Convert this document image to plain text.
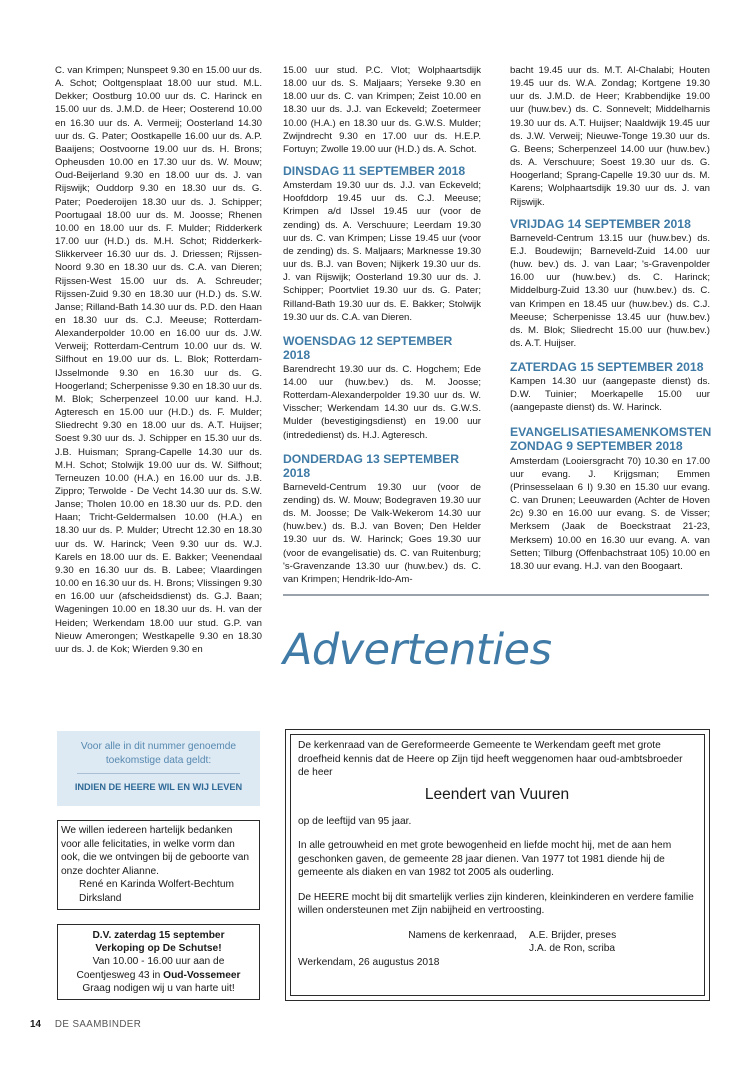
C. van Krimpen; Nunspeet 9.30 en 15.00 uur ds. A. Schot; Ooltgensplaat 18.00 uur stud. M.L. Dekker; Oostburg 10.00 uur ds. C. Harinck en 15.00 uur ds. J.M.D. de Heer; Oosterend 10.00 en 16.30 uur ds. A. Vermeij; Oosterland 14.30 uur ds. G. Pater; Oostkapelle 16.00 uur ds. A.P. Baaijens; Oostvoorne 19.00 uur ds. H. Brons; Opheusden 10.00 en 17.30 uur ds. W. Mouw; Oud-Beijerland 9.30 en 18.00 uur ds. J. van Rijswijk; Ouddorp 9.30 en 18.30 uur ds. G. Pater; Poederoijen 18.30 uur ds. J. Schipper; Poortugaal 18.00 uur ds. M. Joosse; Rhenen 10.00 en 18.00 uur ds. F. Mulder; Ridderkerk 17.00 uur (H.D.) ds. M.H. Schot; Ridderkerk-Slikkerveer 16.30 uur ds. J. Driessen; Rijssen-Noord 9.30 en 18.30 uur ds. C.A. van Dieren; Rijssen-West 15.00 uur ds. A. Schreuder; Rijssen-Zuid 9.30 en 18.30 uur (H.D.) ds. S.W. Janse; Rilland-Bath 14.30 uur ds. P.D. den Haan en 18.30 uur ds. C.J. Meeuse; Rotterdam-Alexanderpolder 10.00 en 16.00 uur ds. J.W. Verweij; Rotterdam-Centrum 10.00 uur ds. W. Silfhout en 19.00 uur ds. L. Blok; Rotterdam-IJsselmonde 9.30 en 16.30 uur ds. G. Hoogerland; Scherpenisse 9.30 en 18.30 uur ds. M. Blok; Scherpenzeel 10.00 uur kand. H.J. Agteresch en 15.00 uur (H.D.) ds. F. Mulder; Sliedrecht 9.30 en 18.00 uur ds. A.T. Huijser; Soest 9.30 uur ds. J. Schipper en 15.30 uur ds. J.B. Huisman; Sprang-Capelle 14.30 uur ds. M.H. Schot; Stolwijk 19.00 uur ds. W. Silfhout; Terneuzen 10.00 (H.A.) en 16.00 uur ds. J.B. Zippro; Terwolde - De Vecht 14.30 uur ds. S.W. Janse; Tholen 10.00 en 18.30 uur ds. P.D. den Haan; Tricht-Geldermalsen 10.00 (H.A.) en 18.30 uur ds. P. Mulder; Utrecht 12.30 en 18.30 uur ds. W. Harinck; Veen 9.30 uur ds. W.J. Karels en 18.00 uur ds. E. Bakker; Veenendaal 9.30 en 16.30 uur ds. B. Labee; Vlaardingen 10.00 en 16.30 uur ds. H. Brons; Vlissingen 9.30 en 16.00 uur (afscheidsdienst) ds. G.J. Baan; Wageningen 10.00 en 18.30 uur ds. H. van der Heiden; Werkendam 18.00 uur stud. G.P. van Nieuw Amerongen; Westkapelle 9.30 en 18.30 uur ds. J. de Kok; Wierden 9.30 en

15.00 uur stud. P.C. Vlot; Wolphaartsdijk 18.00 uur ds. S. Maljaars; Yerseke 9.30 en 18.00 uur ds. C. van Krimpen; Zeist 10.00 en 18.30 uur ds. J.J. van Eckeveld; Zoetermeer 10.00 (H.A.) en 18.30 uur ds. G.W.S. Mulder; Zwijndrecht 9.30 en 17.00 uur ds. H.E.P. Fortuyn; Zwolle 19.00 uur (H.D.) ds. A. Schot.

DINSDAG 11 SEPTEMBER 2018

Amsterdam 19.30 uur ds. J.J. van Eckeveld; Hoofddorp 19.45 uur ds. C.J. Meeuse; Krimpen a/d IJssel 19.45 uur (voor de zending) ds. A. Verschuure; Leerdam 19.30 uur ds. C. van Krimpen; Lisse 19.45 uur (voor de zending) ds. S. Maljaars; Marknesse 19.30 uur ds. B.J. van Boven; Nijkerk 19.30 uur ds. J. van Rijswijk; Oosterland 19.30 uur ds. J. Schipper; Poortvliet 19.30 uur ds. G. Pater; Rilland-Bath 19.30 uur ds. E. Bakker; Stolwijk 19.30 uur ds. C.A. van Dieren.

WOENSDAG 12 SEPTEMBER 2018

Barendrecht 19.30 uur ds. C. Hogchem; Ede 14.00 uur (huw.bev.) ds. M. Joosse; Rotterdam-Alexanderpolder 19.30 uur ds. W. Visscher; Werkendam 14.30 uur ds. G.W.S. Mulder (bevestigingsdienst) en 19.00 uur (intrededienst) ds. H.J. Agteresch.

DONDERDAG 13 SEPTEMBER 2018

Barneveld-Centrum 19.30 uur (voor de zending) ds. W. Mouw; Bodegraven 19.30 uur ds. M. Joosse; De Valk-Wekerom 14.30 uur (huw.bev.) ds. B.J. van Boven; Den Helder 19.30 uur ds. W. Harinck; Goes 19.30 uur (voor de evangelisatie) ds. C. van Ruitenburg; 's-Gravenzande 13.30 uur (huw.bev.) ds. C. van Krimpen; Hendrik-Ido-Am-

bacht 19.45 uur ds. M.T. Al-Chalabi; Houten 19.45 uur ds. W.A. Zondag; Kortgene 19.30 uur ds. J.M.D. de Heer; Krabbendijke 19.00 uur (huw.bev.) ds. C. Sonnevelt; Middelharnis 19.30 uur ds. A.T. Huijser; Naaldwijk 19.45 uur ds. J.W. Verweij; Nieuwe-Tonge 19.30 uur ds. G. Beens; Scherpenzeel 14.00 uur (huw.bev.) ds. A. Verschuure; Soest 19.30 uur ds. G. Hoogerland; Sprang-Capelle 19.30 uur ds. M. Karens; Wolphaartsdijk 19.30 uur ds. J. van Rijswijk.

VRIJDAG 14 SEPTEMBER 2018

Barneveld-Centrum 13.15 uur (huw.bev.) ds. E.J. Boudewijn; Barneveld-Zuid 14.00 uur (huw. bev.) ds. J. van Laar; 's-Gravenpolder 16.00 uur (huw.bev.) ds. C. Harinck; Middelburg-Zuid 13.30 uur (huw.bev.) ds. C. van Krimpen en 18.45 uur (huw.bev.) ds. C.J. Meeuse; Scherpenisse 13.45 uur (huw.bev.) ds. M. Blok; Sliedrecht 15.00 uur (huw.bev.) ds. A.T. Huijser.

ZATERDAG 15 SEPTEMBER 2018

Kampen 14.30 uur (aangepaste dienst) ds. D.W. Tuinier; Moerkapelle 15.00 uur (aangepaste dienst) ds. W. Harinck.

EVANGELISATIESAMENKOMSTEN
ZONDAG 9 SEPTEMBER 2018

Amsterdam (Looiersgracht 70) 10.30 en 17.00 uur evang. J. Krijgsman; Emmen (Prinsesselaan 6 I) 9.30 en 15.30 uur evang. C. van Drunen; Leeuwarden (Achter de Hoven 2c) 9.30 en 16.00 uur evang. S. de Visser; Merksem (Jaak de Boeckstraat 21-23, Merksem) 10.00 en 16.30 uur evang. A. van Setten; Tilburg (Offenbachstraat 105) 10.00 en 18.30 uur evang. H.J. van den Boogaart.

Advertenties
Voor alle in dit nummer genoemde toekomstige data geldt:
INDIEN DE HEERE WIL EN WIJ LEVEN
We willen iedereen hartelijk bedanken voor alle felicitaties, in welke vorm dan ook, die we ontvingen bij de geboorte van onze dochter Alianne.
René en Karinda Wolfert-Bechtum
Dirksland
D.V. zaterdag 15 september
Verkoping op De Schutse!
Van 10.00 - 16.00 uur aan de
Coentjesweg 43 in Oud-Vossemeer
Graag nodigen wij u van harte uit!

De kerkenraad van de Gereformeerde Gemeente te Werkendam geeft met grote droefheid kennis dat de Heere op Zijn tijd heeft weggenomen haar oud-ambtsbroeder de heer

Leendert van Vuuren

op de leeftijd van 95 jaar.

In alle getrouwheid en met grote bewogenheid en liefde mocht hij, met de aan hem geschonken gaven, de gemeente 28 jaar dienen. Van 1977 tot 1981 diende hij de gemeente als diaken en van 1982 tot 2005 als ouderling.

De HEERE mocht bij dit smartelijk verlies zijn kinderen, kleinkinderen en verdere familie willen ondersteunen met Zijn nabijheid en vertroosting.

Namens de kerkenraad,	A.E. Brijder, preses
J.A. de Ron, scriba

Werkendam, 26 augustus 2018

14 DE SAAMBINDER
